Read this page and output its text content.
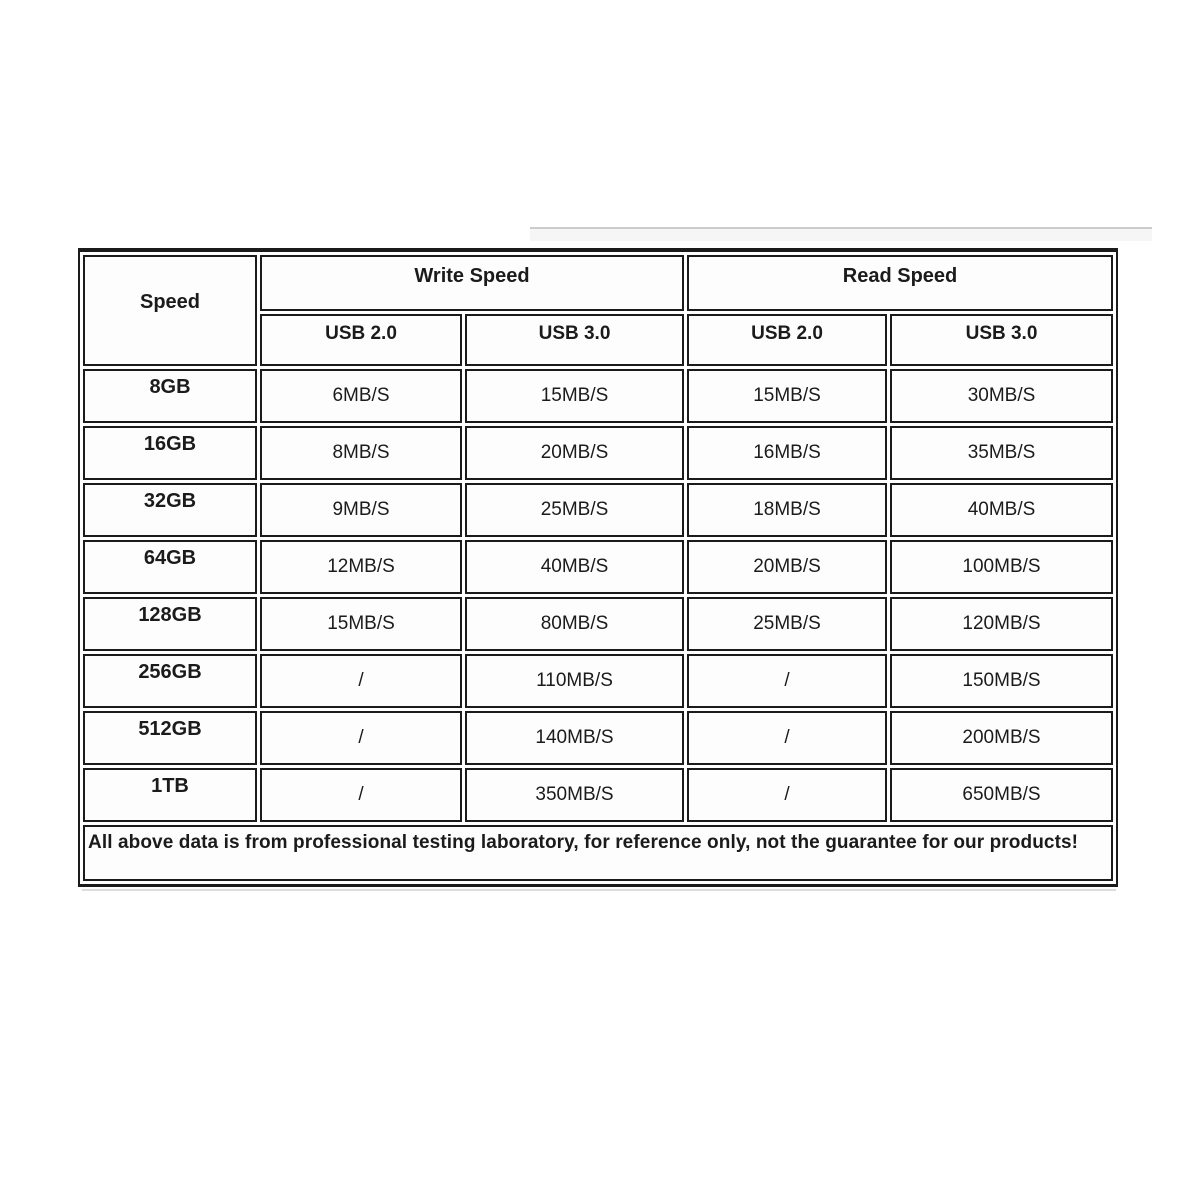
Speed	Write Speed		Read Speed	
	USB 2.0	USB 3.0	USB 2.0	USB 3.0
8GB	6MB/S	15MB/S	15MB/S	30MB/S
16GB	8MB/S	20MB/S	16MB/S	35MB/S
32GB	9MB/S	25MB/S	18MB/S	40MB/S
64GB	12MB/S	40MB/S	20MB/S	100MB/S
128GB	15MB/S	80MB/S	25MB/S	120MB/S
256GB	/	110MB/S	/	150MB/S
512GB	/	140MB/S	/	200MB/S
1TB	/	350MB/S	/	650MB/S
All above data is from professional testing laboratory, for reference only, not the guarantee for our products!				
